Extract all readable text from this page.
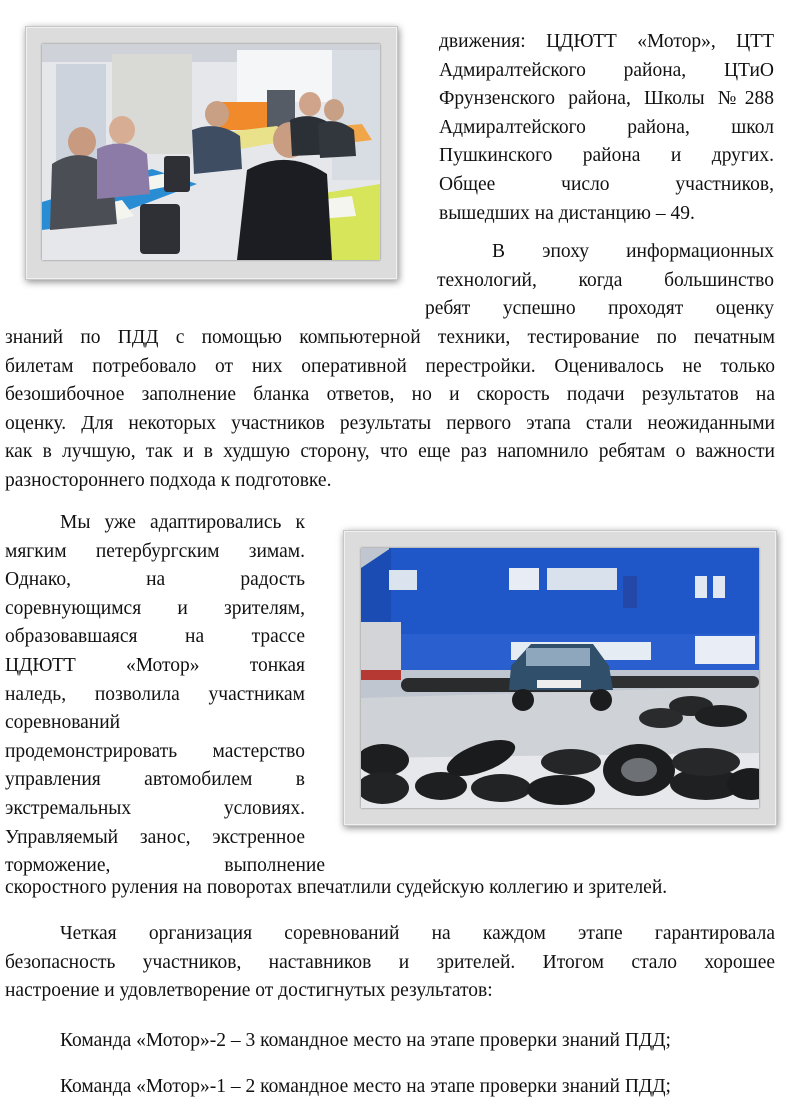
движения: ЦДЮТТ «Мотор», ЦТТ
Адмиралтейского района, ЦТиО
Фрунзенского района, Школы №288
Адмиралтейского района, школ
Пушкинского района и других.
Общее число участников,
вышедших на дистанцию – 49.
В эпоху информационных
технологий, когда большинство
ребят успешно проходят оценку
знаний по ПДД с помощью компьютерной техники, тестирование по печатным
билетам потребовало от них оперативной перестройки. Оценивалось не только
безошибочное заполнение бланка ответов, но и скорость подачи результатов на
оценку. Для некоторых участников результаты первого этапа стали неожиданными
как в лучшую, так и в худшую сторону, что еще раз напомнило ребятам о важности
разностороннего подхода к подготовке.
Мы уже адаптировались к
мягким петербургским зимам.
Однако, на радость
соревнующимся и зрителям,
образовавшаяся на трассе
ЦДЮТТ «Мотор» тонкая
наледь, позволила участникам
соревнований
продемонстрировать мастерство
управления автомобилем в
экстремальных условиях.
Управляемый занос, экстренное
торможение, выполнение
скоростного руления на поворотах впечатлили судейскую коллегию и зрителей.
Четкая организация соревнований на каждом этапе гарантировала
безопасность участников, наставников и зрителей. Итогом стало хорошее
настроение и удовлетворение от достигнутых результатов:
Команда «Мотор»-2 – 3 командное место на этапе проверки знаний ПДД;
Команда «Мотор»-1 – 2 командное место на этапе проверки знаний ПДД;
